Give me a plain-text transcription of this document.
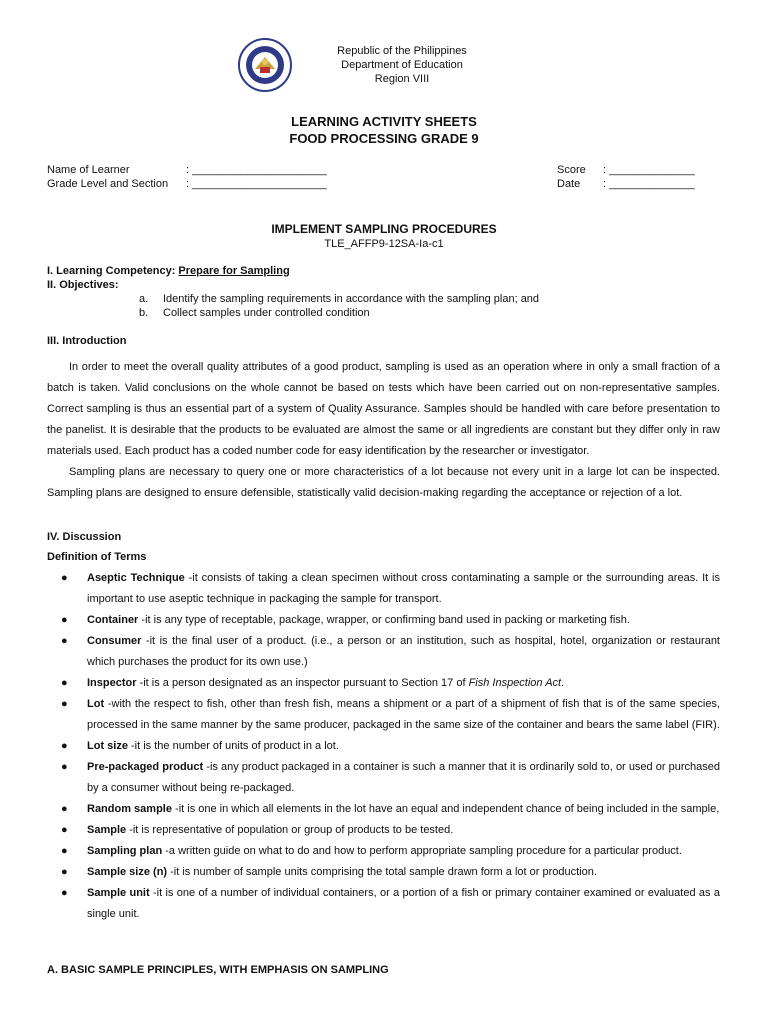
Republic of the Philippines
Department of Education
Region VIII
LEARNING ACTIVITY SHEETS
FOOD PROCESSING GRADE 9
Name of Learner	: ______________________
Grade Level and Section : ______________________
Score : ______________
Date : ______________
IMPLEMENT SAMPLING PROCEDURES
TLE_AFFP9-12SA-Ia-c1
I. Learning Competency: Prepare for Sampling
II. Objectives:
a. Identify the sampling requirements in accordance with the sampling plan; and
b. Collect samples under controlled condition
III. Introduction
In order to meet the overall quality attributes of a good product, sampling is used as an operation where in only a small fraction of a batch is taken. Valid conclusions on the whole cannot be based on tests which have been carried out on non-representative samples. Correct sampling is thus an essential part of a system of Quality Assurance. Samples should be handled with care before presentation to the panelist. It is desirable that the products to be evaluated are almost the same or all ingredients are constant but they differ only in raw materials used. Each product has a coded number code for easy identification by the researcher or investigator.
Sampling plans are necessary to query one or more characteristics of a lot because not every unit in a large lot can be inspected. Sampling plans are designed to ensure defensible, statistically valid decision-making regarding the acceptance or rejection of a lot.
IV. Discussion
Definition of Terms
● Aseptic Technique -it consists of taking a clean specimen without cross contaminating a sample or the surrounding areas. It is important to use aseptic technique in packaging the sample for transport.
● Container -it is any type of receptable, package, wrapper, or confirming band used in packing or marketing fish.
● Consumer -it is the final user of a product. (i.e., a person or an institution, such as hospital, hotel, organization or restaurant which purchases the product for its own use.)
● Inspector -it is a person designated as an inspector pursuant to Section 17 of Fish Inspection Act.
● Lot -with the respect to fish, other than fresh fish, means a shipment or a part of a shipment of fish that is of the same species, processed in the same manner by the same producer, packaged in the same size of the container and bears the same label (FIR).
● Lot size -it is the number of units of product in a lot.
● Pre-packaged product -is any product packaged in a container is such a manner that it is ordinarily sold to, or used or purchased by a consumer without being re-packaged.
● Random sample -it is one in which all elements in the lot have an equal and independent chance of being included in the sample,
● Sample -it is representative of population or group of products to be tested.
● Sampling plan -a written guide on what to do and how to perform appropriate sampling procedure for a particular product.
● Sample size (n) -it is number of sample units comprising the total sample drawn form a lot or production.
● Sample unit -it is one of a number of individual containers, or a portion of a fish or primary container examined or evaluated as a single unit.
A. BASIC SAMPLE PRINCIPLES, WITH EMPHASIS ON SAMPLING
